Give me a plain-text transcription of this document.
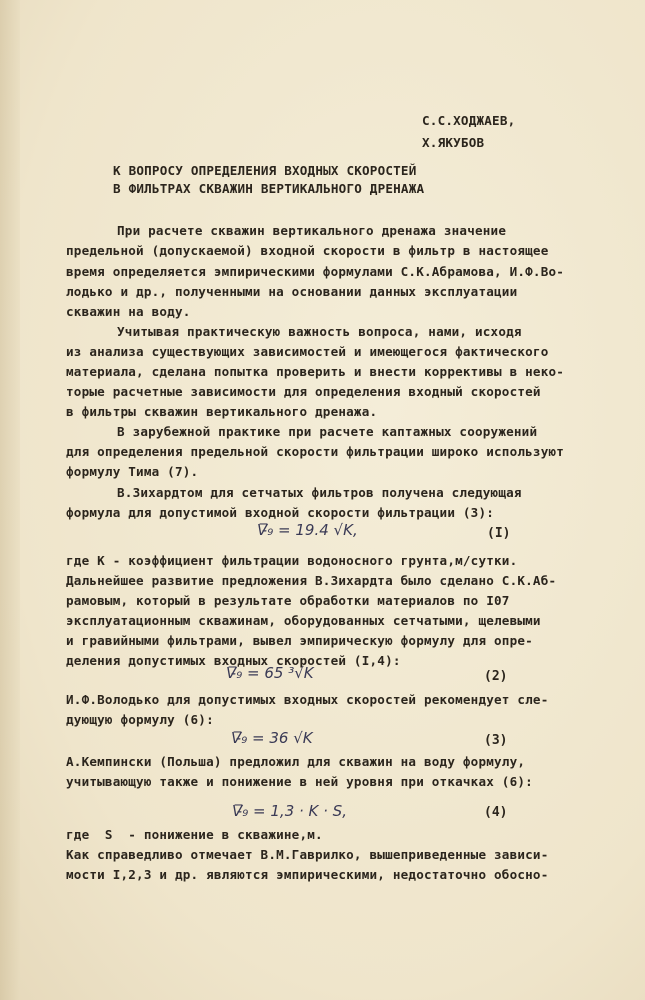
С.С.ХОДЖАЕВ,
Х.ЯКУБОВ
К ВОПРОСУ ОПРЕДЕЛЕНИЯ ВХОДНЫХ СКОРОСТЕЙ
В ФИЛЬТРАХ СКВАЖИН ВЕРТИКАЛЬНОГО ДРЕНАЖА
При расчете скважин вертикального дренажа значение
предельной (допускаемой) входной скорости в фильтр в настоящее
время определяется эмпирическими формулами С.К.Абрамова, И.Ф.Во-
лодько и др., полученными на основании данных эксплуатации
скважин на воду.
Учитывая практическую важность вопроса, нами, исходя
из анализа существующих зависимостей и имеющегося фактического
материала, сделана попытка проверить и внести коррективы в неко-
торые расчетные зависимости для определения входный скоростей
в фильтры скважин вертикального дренажа.
В зарубежной практике при расчете каптажных сооружений
для определения предельной скорости фильтрации широко используют
формулу Тима (7).
В.Зихардтом для сетчатых фильтров получена следующая
формула для допустимой входной скорости фильтрации (3):
V̵̅₉ = 19.4 √K,	(I)
где К - коэффициент фильтрации водоносного грунта,м/сутки.
Дальнейшее развитие предложения В.Зихардта было сделано С.К.Аб-
рамовым, который в результате обработки материалов по I07
эксплуатационным скважинам, оборудованных сетчатыми, щелевыми
и гравийными фильтрами, вывел эмпирическую формулу для опре-
деления допустимых входных скоростей (I,4):
V̵̅₉ = 65 ³√K	(2)
И.Ф.Володько для допустимых входных скоростей рекомендует сле-
дующую формулу (6):
V̵̅₉ = 36 √K	(3)
А.Кемпински (Польша) предложил для скважин на воду формулу,
учитывающую также и понижение в ней уровня при откачках (6):
V̵̅₉ = 1,3 · K · S,	(4)
где  S  - понижение в скважине,м.
Как справедливо отмечает В.М.Гаврилко, вышеприведенные зависи-
мости I,2,3 и др. являются эмпирическими, недостаточно обосно-
